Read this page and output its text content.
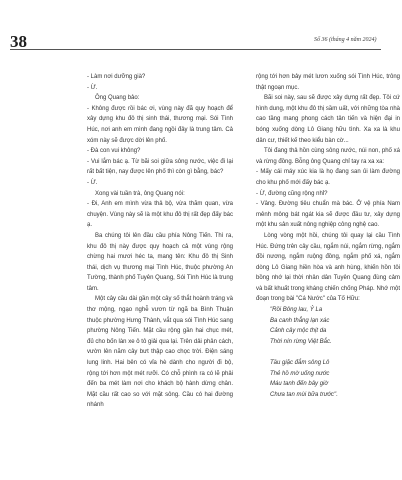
38	Số 36 (tháng 4 năm 2024)

- Làm nơi dưỡng già?

- Ừ.

Ông Quang bảo:

- Không được rồi bác ơi, vùng này đã quy hoạch để xây dựng khu đô thị sinh thái, thương mại. Sói Tình Húc, nơi anh em mình đang ngồi đây là trung tâm. Cả xóm này sẽ được dời lên phố.

- Đà con vui không?

- Vui lắm bác ạ. Từ bãi soi giữa sông nước, việc đi lại rất bất tiện, nay được lên phố thì còn gì bằng, bác?

- Ừ.

Xong vài tuần trà, ông Quang nói:

- Đi, Anh em mình vừa thả bộ, vừa thăm quan, vừa chuyện. Vùng này sẽ là một khu đô thị rất đẹp đấy bác ạ.

Ba chúng tôi lên đầu cầu phía Nông Tiến. Thì ra, khu đô thị này được quy hoạch cả một vùng rộng chừng hai mươi héc ta, mang tên: Khu đô thị Sinh thái, dịch vụ thương mại Tình Húc, thuộc phường An Tường, thành phố Tuyên Quang, Sói Tình Húc là trung tâm.

Một cây cầu dài gần một cây số thắt hoành tráng và thơ mộng, ngạo nghễ vươn từ ngã ba Bình Thuận thuộc phường Hưng Thành, vắt qua sói Tình Húc sang phường Nông Tiến. Mặt cầu rộng gần hai chục mét, đủ cho bốn làn xe ô tô giải qua lại. Trên dải phân cách, vườn lên năm cây bưt thập cao chọc trời. Điện sáng lung linh. Hai bên có vỉa hè dành cho người đi bộ, rộng tới hơn một mét rưỡi. Có chỗ phình ra có lẽ phải đến ba mét làm nơi cho khách bộ hành dừng chân. Mặt cầu rất cao so với mặt sông. Cầu có hai đường nhánh

rộng tới hơn bảy mét lươn xuống sói Tình Húc, trông thật ngoạn mục.

Bãi soi này, sau sẽ được xây dựng rất đẹp. Tôi cứ hình dung, một khu đô thị sầm uất, với những tòa nhà cao tầng mang phong cách tân tiến và hiện đại in bóng xuống dòng Lô Giang hữu tình. Xa xa là khu dân cư, thiết kế theo kiểu bàn cờ...

Tôi đang thả hồn cùng sông nước, núi non, phố xá và rừng đồng. Bỗng ông Quang chỉ tay ra xa xa:

- Mấy cái máy xúc kia là họ đang san ủi làm đường cho khu phố mới đấy bác ạ.

- Ừ, đường cũng rộng nhỉ?

- Vâng. Đường tiêu chuẩn mà bác. Ở vệ phía Nam mênh mông bát ngát kia sẽ được đầu tư, xây dựng một khu sản xuất nông nghiệp công nghệ cao.

Lòng vòng một hồi, chúng tôi quay lại cầu Tình Húc. Đứng trên cây cầu, ngắm núi, ngắm rừng, ngắm đồi nương, ngắm ruộng đồng, ngắm phố xá, ngắm dòng Lô Giang hiền hòa và anh hùng, khiến hồn tôi bồng nhớ lại thời nhân dân Tuyên Quang đùng cảm và bất khuất trong kháng chiến chống Pháp. Nhớ một đoạn trong bài "Cá Nước" của Tố Hữu:

"Rồi Bông lau, Ỷ La

Ba canh thẳng lạn xác

Cảnh cây mộc thịt da

Thời nín rừng Việt Bắc.

Tầu giặc đắm sông Lô

Thẻ hồ mờ uống nước

Máu tanh đến bây giờ

Chưa tan mùi bữa trước".
